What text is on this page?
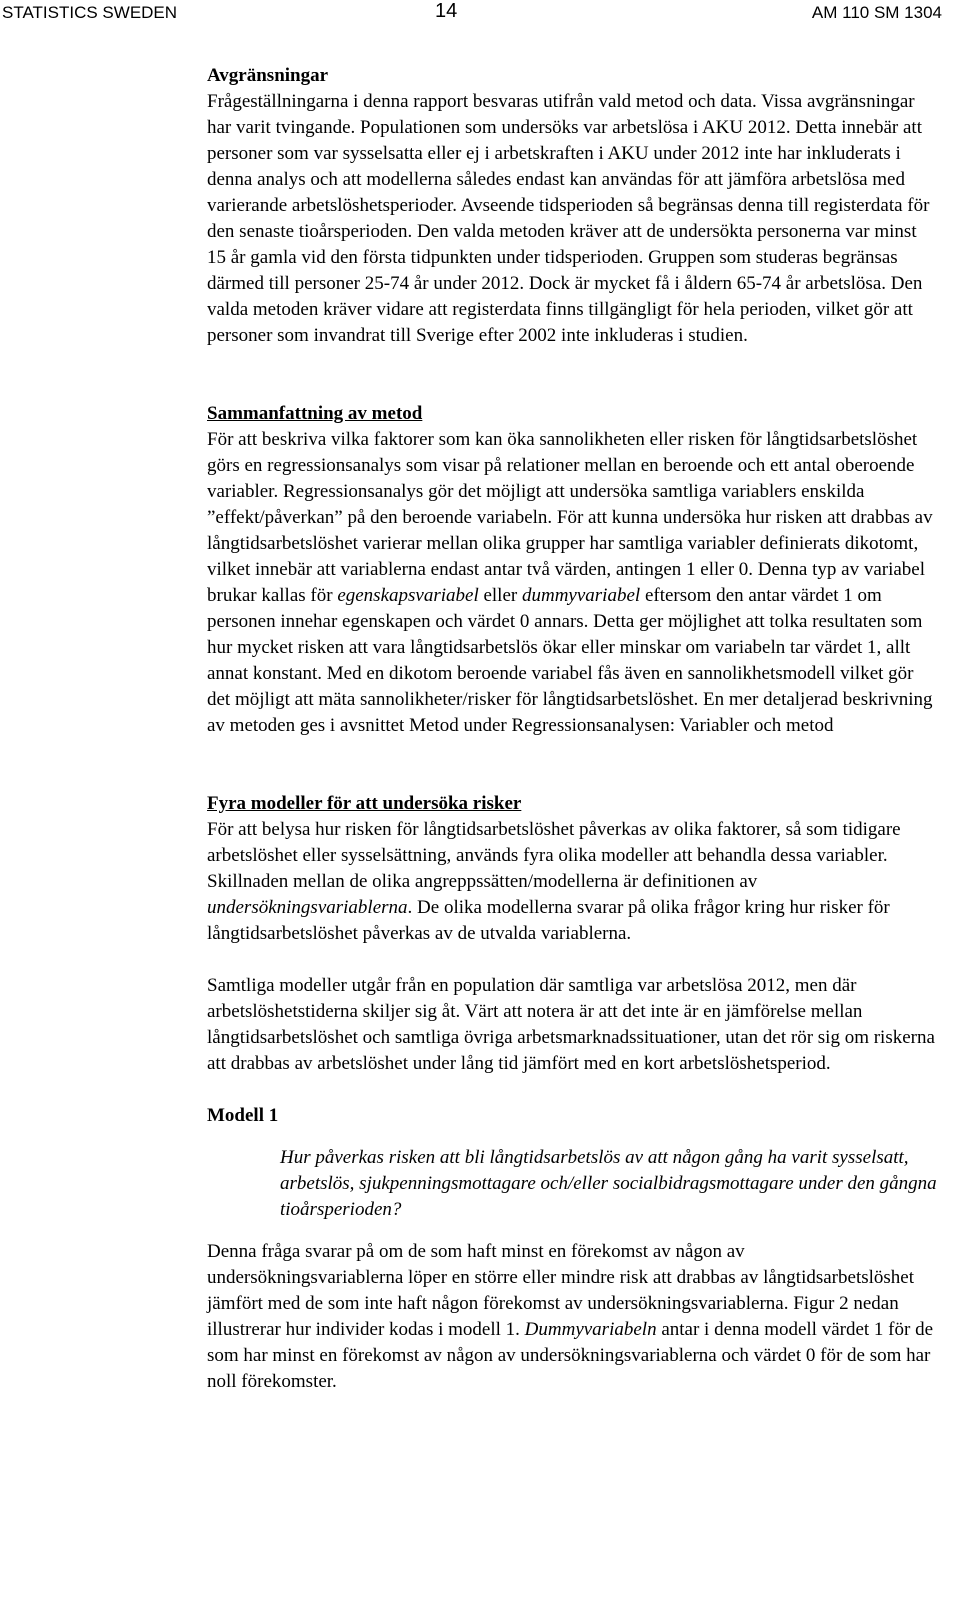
STATISTICS SWEDEN	14	AM 110 SM 1304
Avgränsningar

Frågeställningarna i denna rapport besvaras utifrån vald metod och data. Vissa avgränsningar har varit tvingande. Populationen som undersöks var arbetslösa i AKU 2012. Detta innebär att personer som var sysselsatta eller ej i arbetskraften i AKU under 2012 inte har inkluderats i denna analys och att modellerna således endast kan användas för att jämföra arbetslösa med varierande arbetslöshetsperioder. Avseende tidsperioden så begränsas denna till registerdata för den senaste tioårsperioden. Den valda metoden kräver att de undersökta personerna var minst 15 år gamla vid den första tidpunkten under tidsperioden. Gruppen som studeras begränsas därmed till personer 25-74 år under 2012. Dock är mycket få i åldern 65-74 år arbetslösa. Den valda metoden kräver vidare att registerdata finns tillgängligt för hela perioden, vilket gör att personer som invandrat till Sverige efter 2002 inte inkluderas i studien.

Sammanfattning av metod

För att beskriva vilka faktorer som kan öka sannolikheten eller risken för långtidsarbetslöshet görs en regressionsanalys som visar på relationer mellan en beroende och ett antal oberoende variabler. Regressionsanalys gör det möjligt att undersöka samtliga variablers enskilda ”effekt/påverkan” på den beroende variabeln. För att kunna undersöka hur risken att drabbas av långtidsarbetslöshet varierar mellan olika grupper har samtliga variabler definierats dikotomt, vilket innebär att variablerna endast antar två värden, antingen 1 eller 0. Denna typ av variabel brukar kallas för egenskapsvariabel eller dummyvariabel eftersom den antar värdet 1 om personen innehar egenskapen och värdet 0 annars. Detta ger möjlighet att tolka resultaten som hur mycket risken att vara långtidsarbetslös ökar eller minskar om variabeln tar värdet 1, allt annat konstant. Med en dikotom beroende variabel fås även en sannolikhetsmodell vilket gör det möjligt att mäta sannolikheter/risker för långtidsarbetslöshet. En mer detaljerad beskrivning av metoden ges i avsnittet Metod under Regressionsanalysen: Variabler och metod

Fyra modeller för att undersöka risker

För att belysa hur risken för långtidsarbetslöshet påverkas av olika faktorer, så som tidigare arbetslöshet eller sysselsättning, används fyra olika modeller att behandla dessa variabler. Skillnaden mellan de olika angreppssätten/modellerna är definitionen av undersökningsvariablerna. De olika modellerna svarar på olika frågor kring hur risker för långtidsarbetslöshet påverkas av de utvalda variablerna.

Samtliga modeller utgår från en population där samtliga var arbetslösa 2012, men där arbetslöshetstiderna skiljer sig åt. Värt att notera är att det inte är en jämförelse mellan långtidsarbetslöshet och samtliga övriga arbetsmarknadssituationer, utan det rör sig om riskerna att drabbas av arbetslöshet under lång tid jämfört med en kort arbetslöshetsperiod.

Modell 1

Hur påverkas risken att bli långtidsarbetslös av att någon gång ha varit sysselsatt, arbetslös, sjukpenningsmottagare och/eller socialbidragsmottagare under den gångna tioårsperioden?

Denna fråga svarar på om de som haft minst en förekomst av någon av undersökningsvariablerna löper en större eller mindre risk att drabbas av långtidsarbetslöshet jämfört med de som inte haft någon förekomst av undersökningsvariablerna. Figur 2 nedan illustrerar hur individer kodas i modell 1. Dummyvariabeln antar i denna modell värdet 1 för de som har minst en förekomst av någon av undersökningsvariablerna och värdet 0 för de som har noll förekomster.
